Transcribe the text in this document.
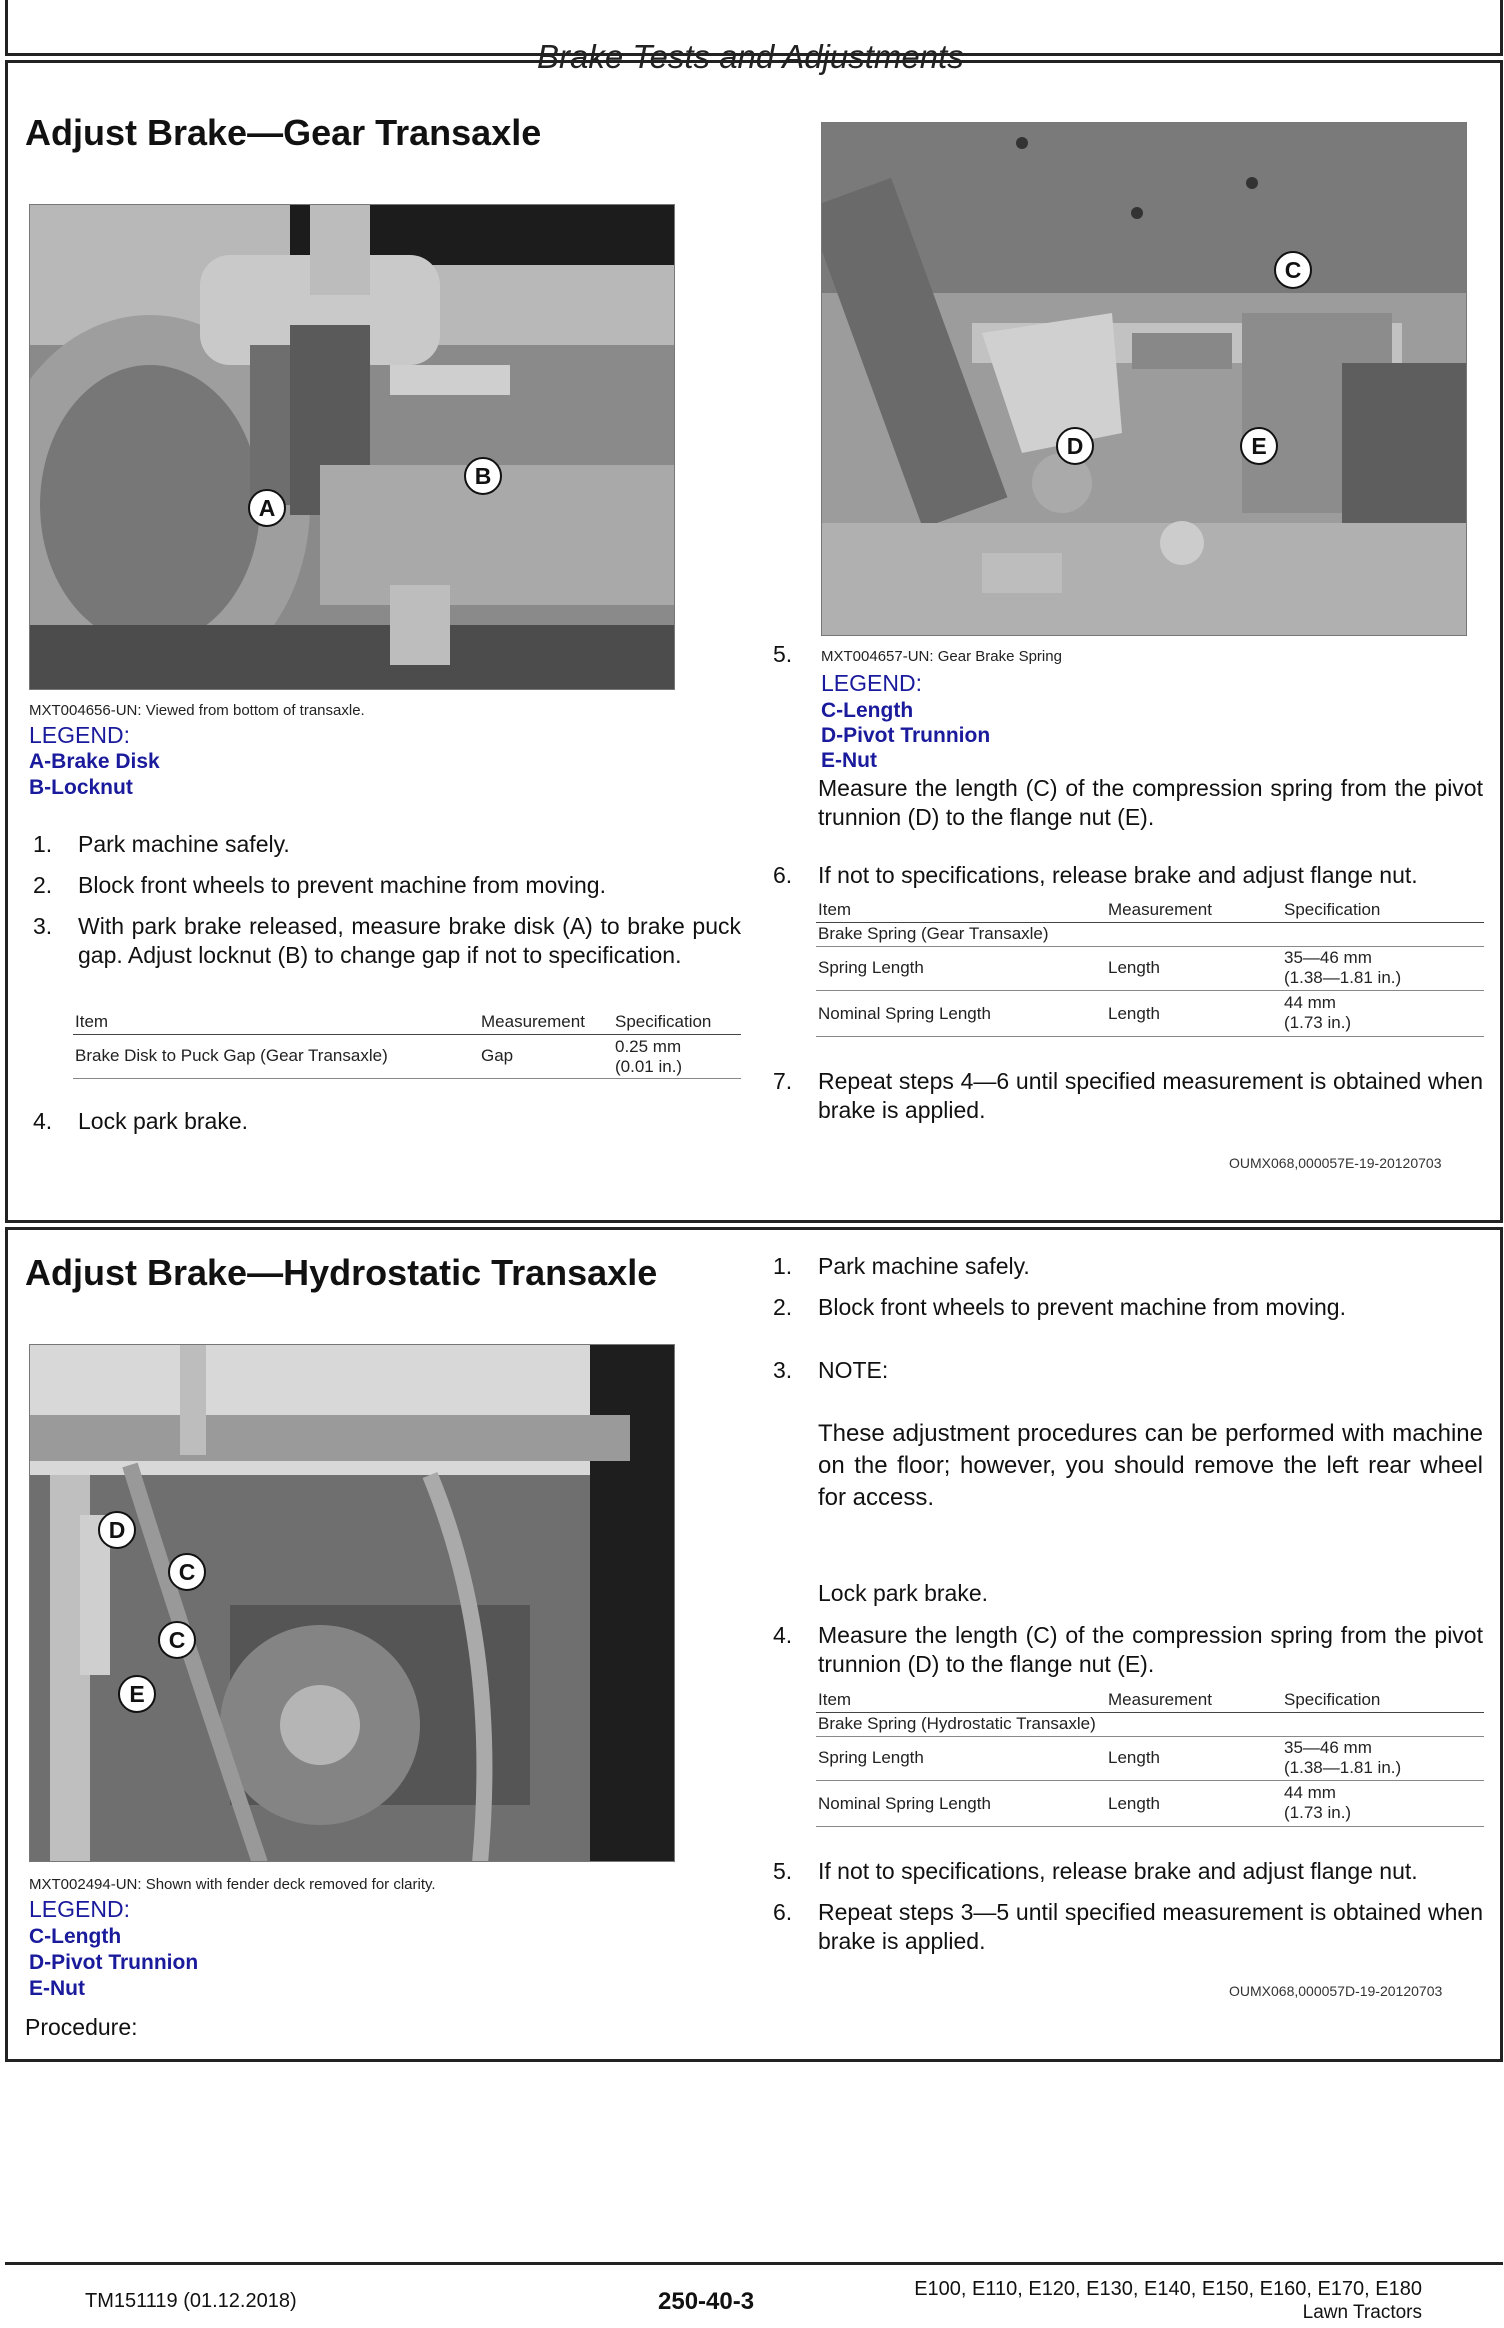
Brake Tests and Adjustments
Adjust Brake—Gear Transaxle
A
B
MXT004656-UN: Viewed from bottom of transaxle.
LEGEND:
A-Brake Disk
B-Locknut
1. Park machine safely.
2. Block front wheels to prevent machine from moving.
3. With park brake released, measure brake disk (A) to brake puck gap. Adjust locknut (B) to change gap if not to specification.
Item	Measurement Specification
Brake Disk to Puck Gap (Gear Transaxle)	Gap	0.25 mm
(0.01 in.)
4. Lock park brake.
C
D	E
5. MXT004657-UN: Gear Brake Spring
LEGEND:
C-Length
D-Pivot Trunnion
E-Nut
Measure the length (C) of the compression spring from the pivot trunnion (D) to the flange nut (E).
6. If not to specifications, release brake and adjust flange nut.
Item	Measurement	Specification
Brake Spring (Gear Transaxle)
Spring Length	Length
35—46 mm
(1.38—1.81 in.)
Nominal Spring Length	Length
44 mm
(1.73 in.)
7. Repeat steps 4—6 until specified measurement is obtained when brake is applied.
OUMX068,000057E-19-20120703
Adjust Brake—Hydrostatic Transaxle
D
C
C
E
MXT002494-UN: Shown with fender deck removed for clarity.
LEGEND:
C-Length
D-Pivot Trunnion
E-Nut
Procedure:
1. Park machine safely.
2. Block front wheels to prevent machine from moving.
3. NOTE:
These adjustment procedures can be performed with machine on the floor; however, you should remove the left rear wheel for access.
Lock park brake.
4. Measure the length (C) of the compression spring from the pivot trunnion (D) to the flange nut (E).
Item	Measurement	Specification
Brake Spring (Hydrostatic Transaxle)
Spring Length	Length
35—46 mm
(1.38—1.81 in.)
Nominal Spring Length	Length
44 mm
(1.73 in.)
5. If not to specifications, release brake and adjust flange nut.
6. Repeat steps 3—5 until specified measurement is obtained when brake is applied.
OUMX068,000057D-19-20120703
TM151119 (01.12.2018)	250-40-3	E100, E110, E120, E130, E140, E150, E160, E170, E180
Lawn Tractors
